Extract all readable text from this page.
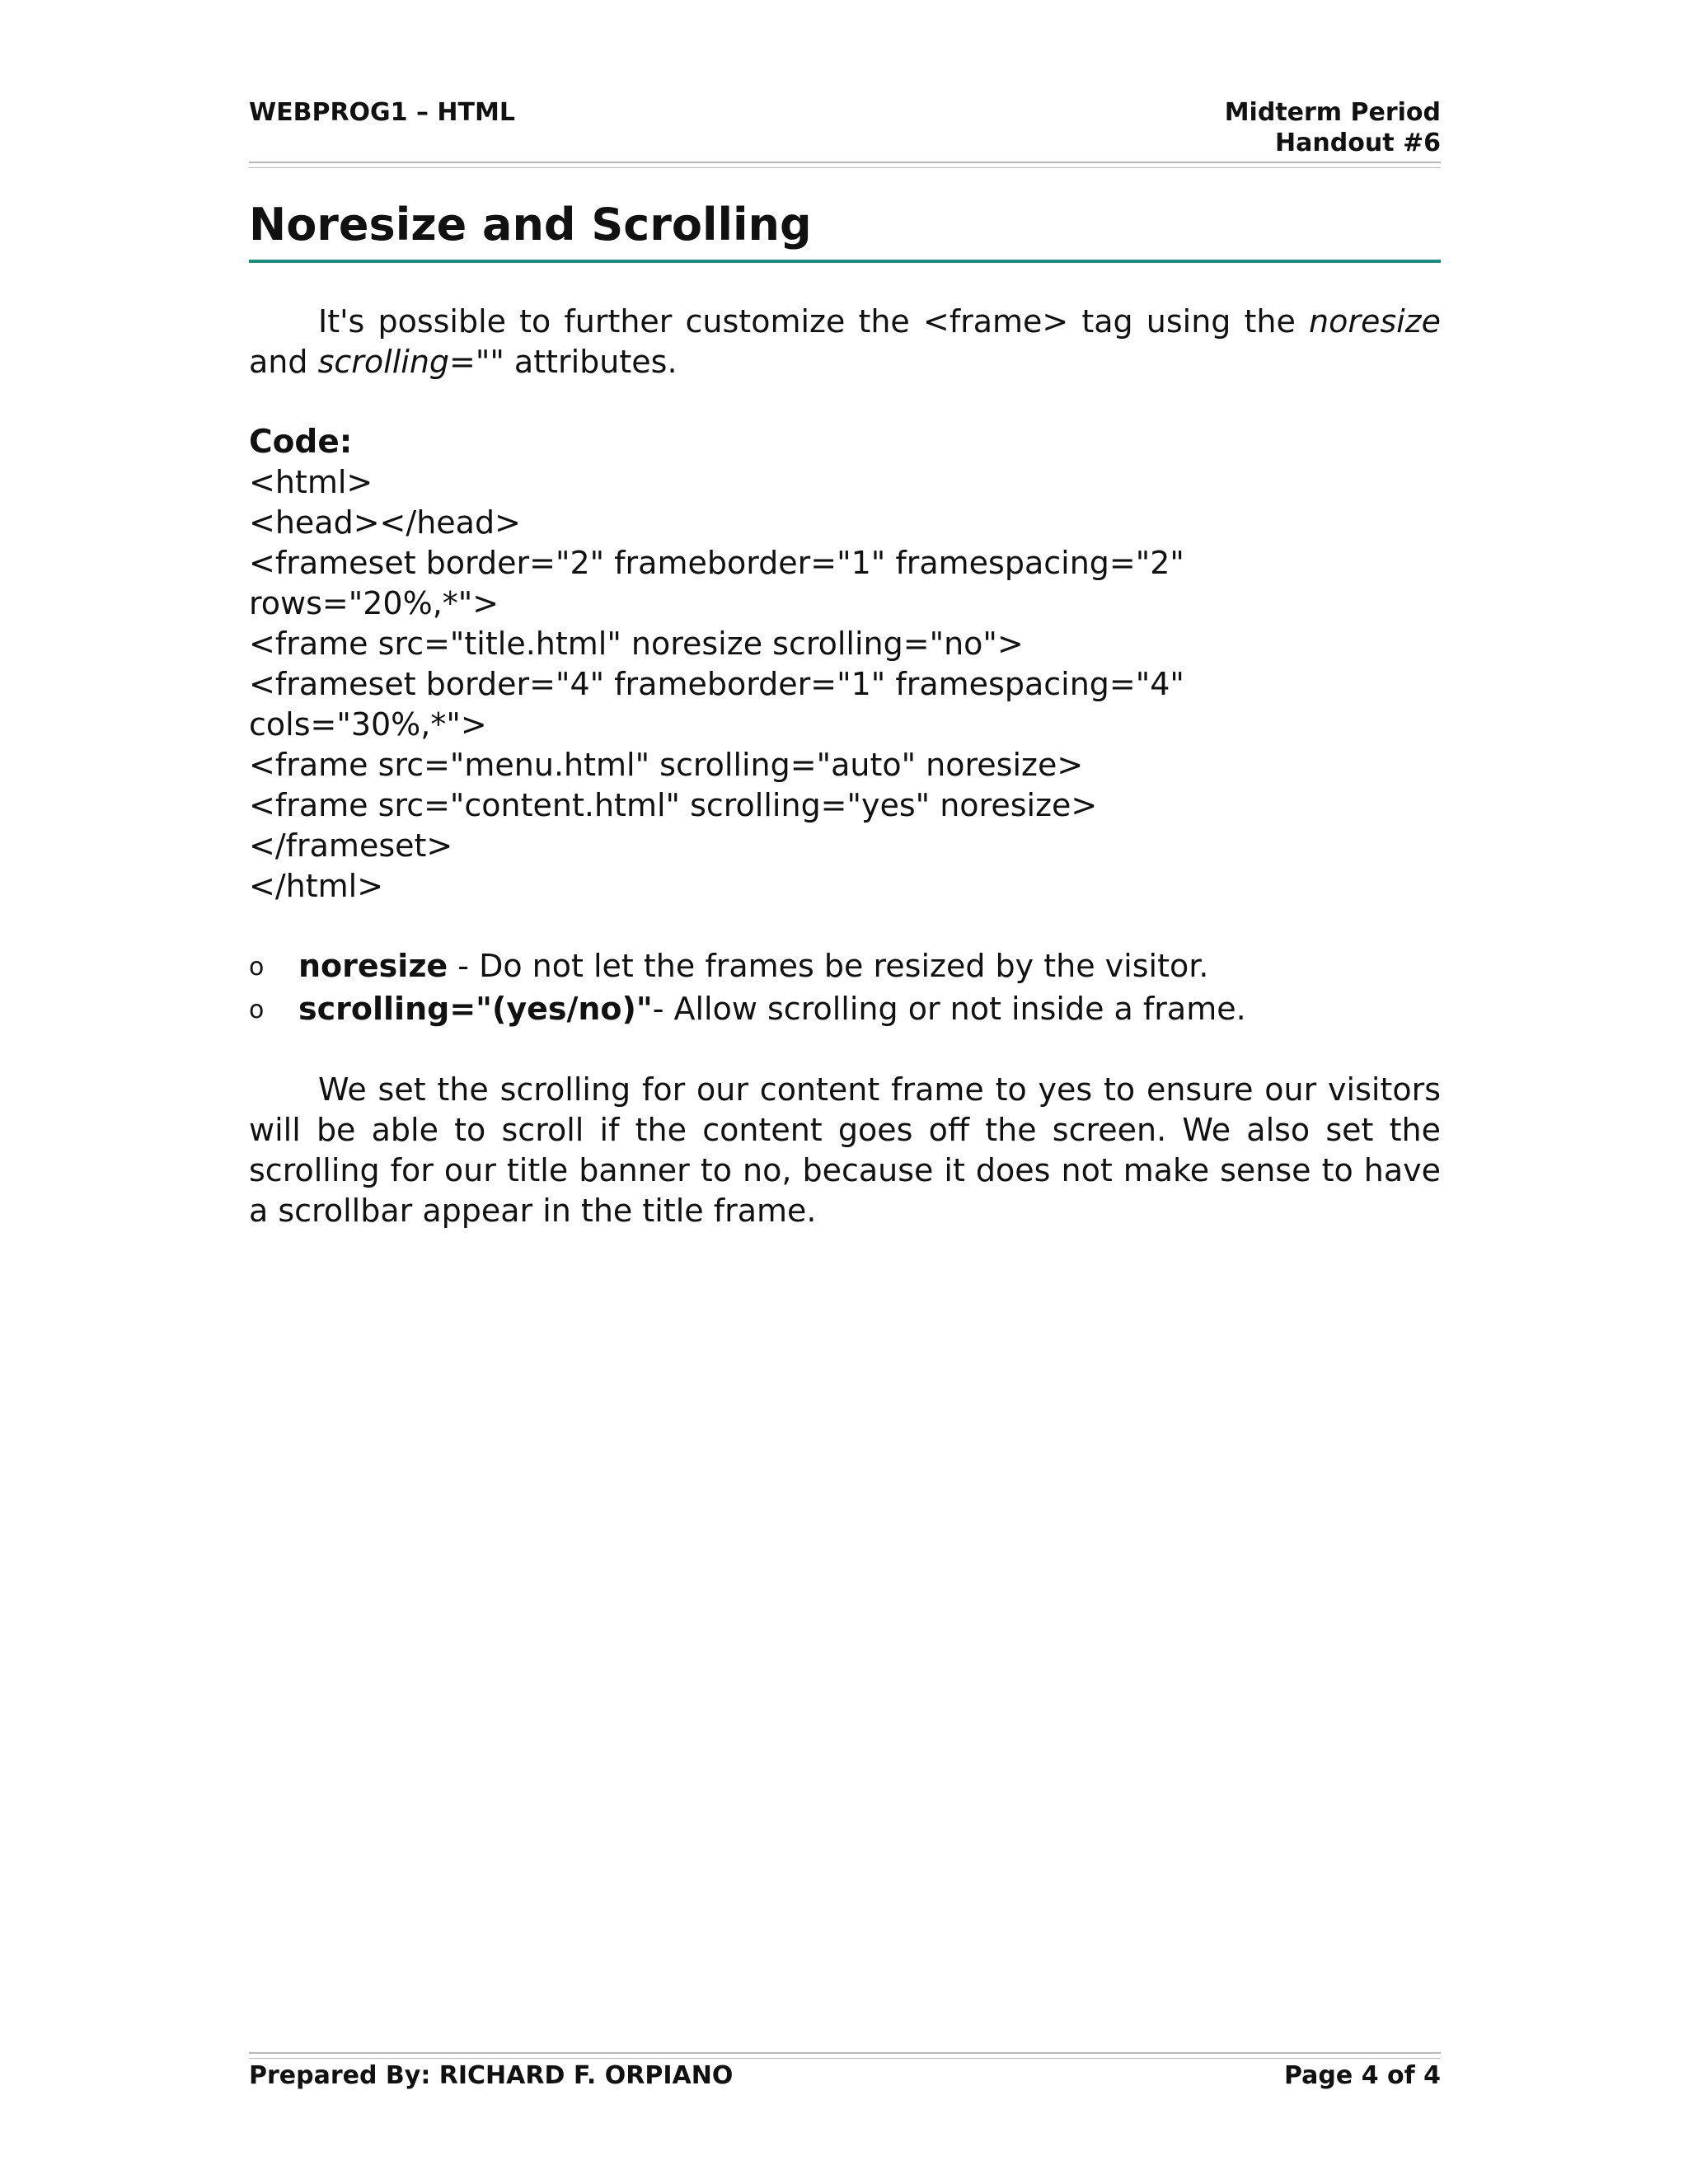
WEBPROG1 – HTML	Midterm Period
Handout #6
Noresize and Scrolling

It's possible to further customize the <frame> tag using the noresize and scrolling="" attributes.

Code:
<html>
<head></head>
<frameset border="2" frameborder="1" framespacing="2"
rows="20%,*">
<frame src="title.html" noresize scrolling="no">
<frameset border="4" frameborder="1" framespacing="4"
cols="30%,*">
<frame src="menu.html" scrolling="auto" noresize>
<frame src="content.html" scrolling="yes" noresize>
</frameset>
</html>
o noresize - Do not let the frames be resized by the visitor.
o scrolling="(yes/no)"- Allow scrolling or not inside a frame.

We set the scrolling for our content frame to yes to ensure our visitors will be able to scroll if the content goes off the screen. We also set the scrolling for our title banner to no, because it does not make sense to have a scrollbar appear in the title frame.

Prepared By: RICHARD F. ORPIANO	Page 4 of 4
